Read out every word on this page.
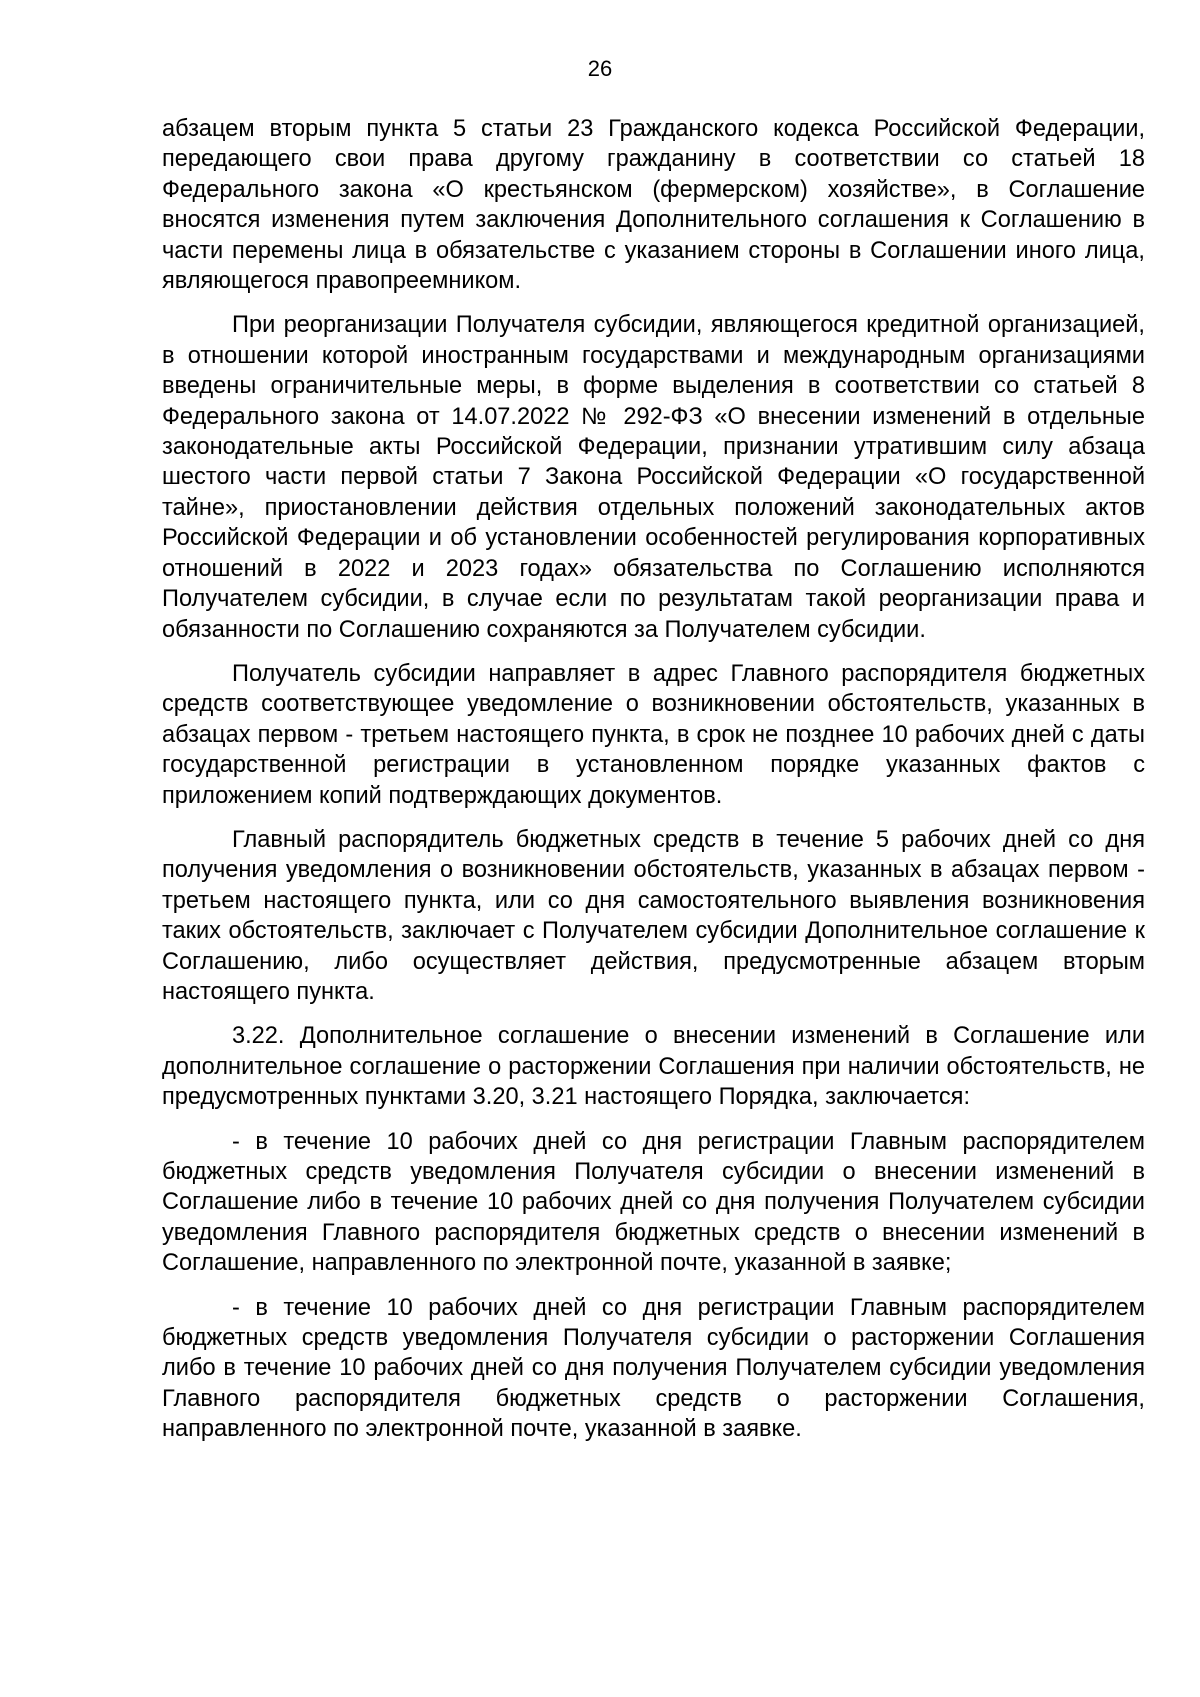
26

абзацем вторым пункта 5 статьи 23 Гражданского кодекса Российской Федерации, передающего свои права другому гражданину в соответствии со статьей 18 Федерального закона «О крестьянском (фермерском) хозяйстве», в Соглашение вносятся изменения путем заключения Дополнительного соглашения к Соглашению в части перемены лица в обязательстве с указанием стороны в Соглашении иного лица, являющегося правопреемником.

При реорганизации Получателя субсидии, являющегося кредитной организацией, в отношении которой иностранным государствами и международным организациями введены ограничительные меры, в форме выделения в соответствии со статьей 8 Федерального закона от 14.07.2022 № 292-ФЗ «О внесении изменений в отдельные законодательные акты Российской Федерации, признании утратившим силу абзаца шестого части первой статьи 7 Закона Российской Федерации «О государственной тайне», приостановлении действия отдельных положений законодательных актов Российской Федерации и об установлении особенностей регулирования корпоративных отношений в 2022 и 2023 годах» обязательства по Соглашению исполняются Получателем субсидии, в случае если по результатам такой реорганизации права и обязанности по Соглашению сохраняются за Получателем субсидии.

Получатель субсидии направляет в адрес Главного распорядителя бюджетных средств соответствующее уведомление о возникновении обстоятельств, указанных в абзацах первом - третьем настоящего пункта, в срок не позднее 10 рабочих дней с даты государственной регистрации в установленном порядке указанных фактов с приложением копий подтверждающих документов.

Главный распорядитель бюджетных средств в течение 5 рабочих дней со дня получения уведомления о возникновении обстоятельств, указанных в абзацах первом - третьем настоящего пункта, или со дня самостоятельного выявления возникновения таких обстоятельств, заключает с Получателем субсидии Дополнительное соглашение к Соглашению, либо осуществляет действия, предусмотренные абзацем вторым настоящего пункта.

3.22. Дополнительное соглашение о внесении изменений в Соглашение или дополнительное соглашение о расторжении Соглашения при наличии обстоятельств, не предусмотренных пунктами 3.20, 3.21 настоящего Порядка, заключается:

- в течение 10 рабочих дней со дня регистрации Главным распорядителем бюджетных средств уведомления Получателя субсидии о внесении изменений в Соглашение либо в течение 10 рабочих дней со дня получения Получателем субсидии уведомления Главного распорядителя бюджетных средств о внесении изменений в Соглашение, направленного по электронной почте, указанной в заявке;

- в течение 10 рабочих дней со дня регистрации Главным распорядителем бюджетных средств уведомления Получателя субсидии о расторжении Соглашения либо в течение 10 рабочих дней со дня получения Получателем субсидии уведомления Главного распорядителя бюджетных средств о расторжении Соглашения, направленного по электронной почте, указанной в заявке.
